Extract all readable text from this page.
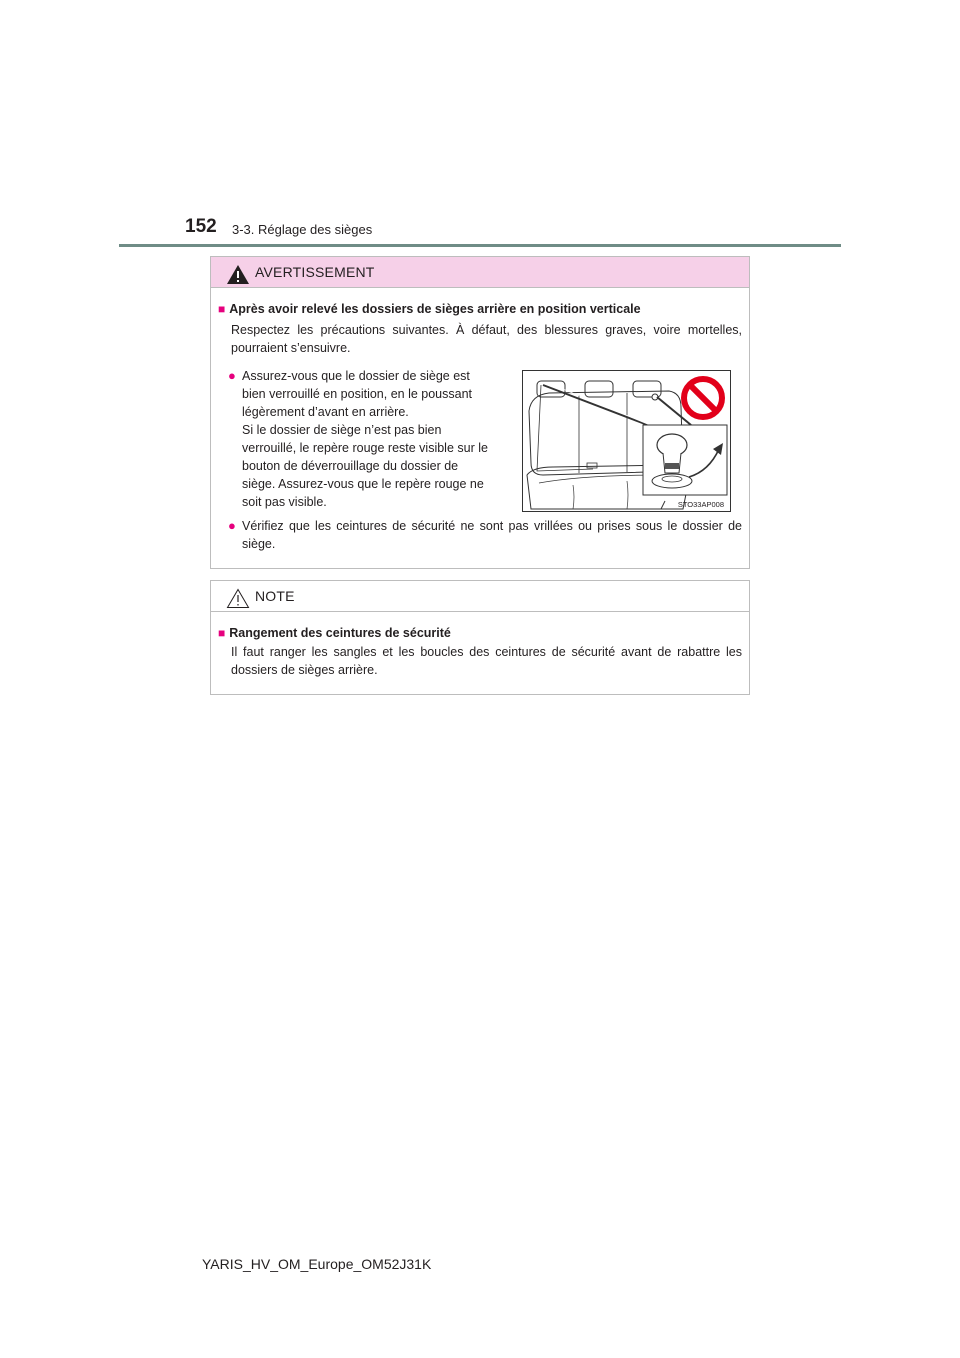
152 3-3. Réglage des sièges
AVERTISSEMENT
■ Après avoir relevé les dossiers de sièges arrière en position verticale
Respectez les précautions suivantes. À défaut, des blessures graves, voire mortelles, pourraient s’ensuivre.
● Assurez-vous que le dossier de siège est
bien verrouillé en position, en le poussant
légèrement d’avant en arrière.
Si le dossier de siège n’est pas bien
verrouillé, le repère rouge reste visible sur le
bouton de déverrouillage du dossier de
siège. Assurez-vous que le repère rouge ne
soit pas visible.	STO33AP008
● Vérifiez que les ceintures de sécurité ne sont pas vrillées ou prises sous le dossier de siège.
NOTE
■ Rangement des ceintures de sécurité
Il faut ranger les sangles et les boucles des ceintures de sécurité avant de rabattre les dossiers de sièges arrière.
YARIS_HV_OM_Europe_OM52J31K
